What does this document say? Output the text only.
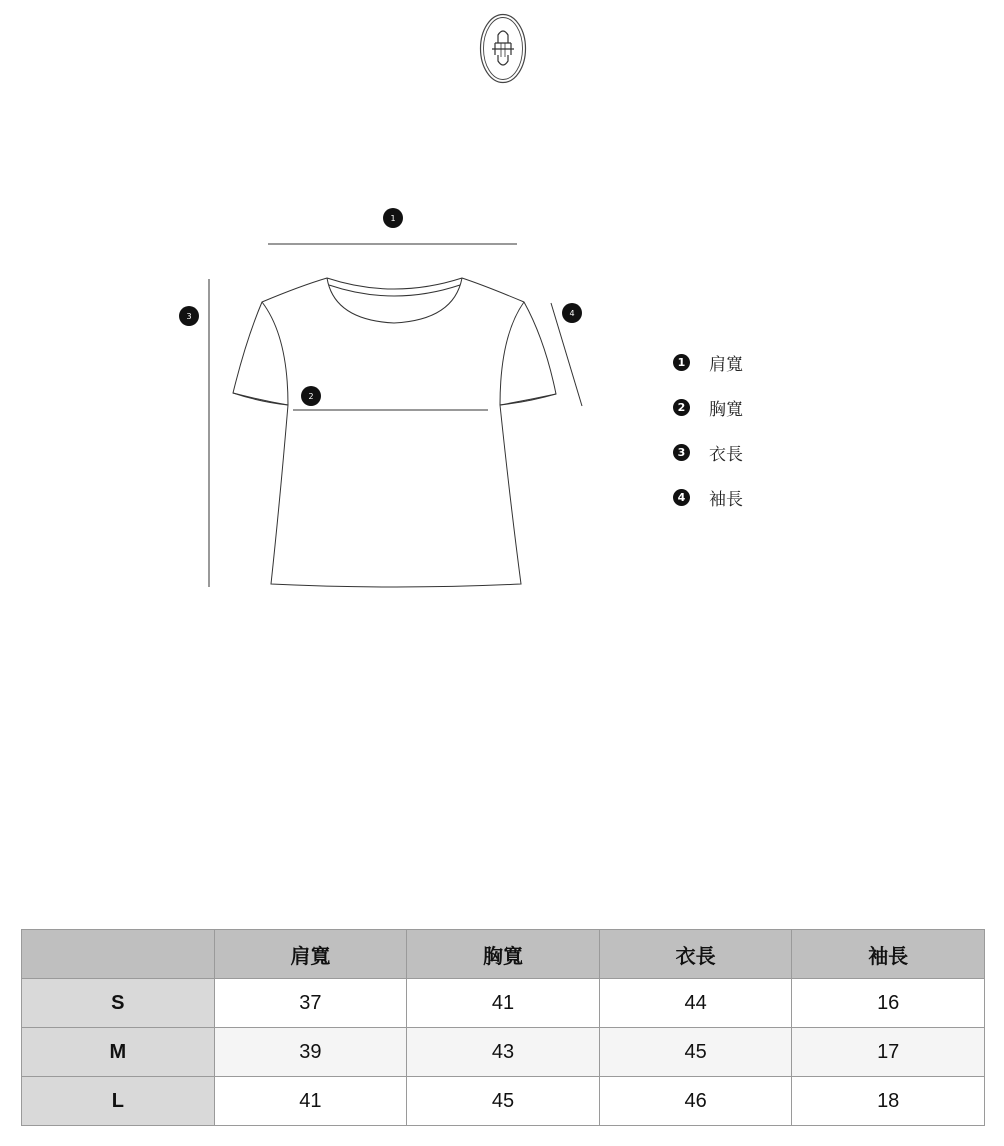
1
2
3	4
1 肩寬
2 胸寬
3 衣長
4 袖長
	肩寬	胸寬	衣長	袖長
S	37	41	44	16
M	39	43	45	17
L	41	45	46	18
